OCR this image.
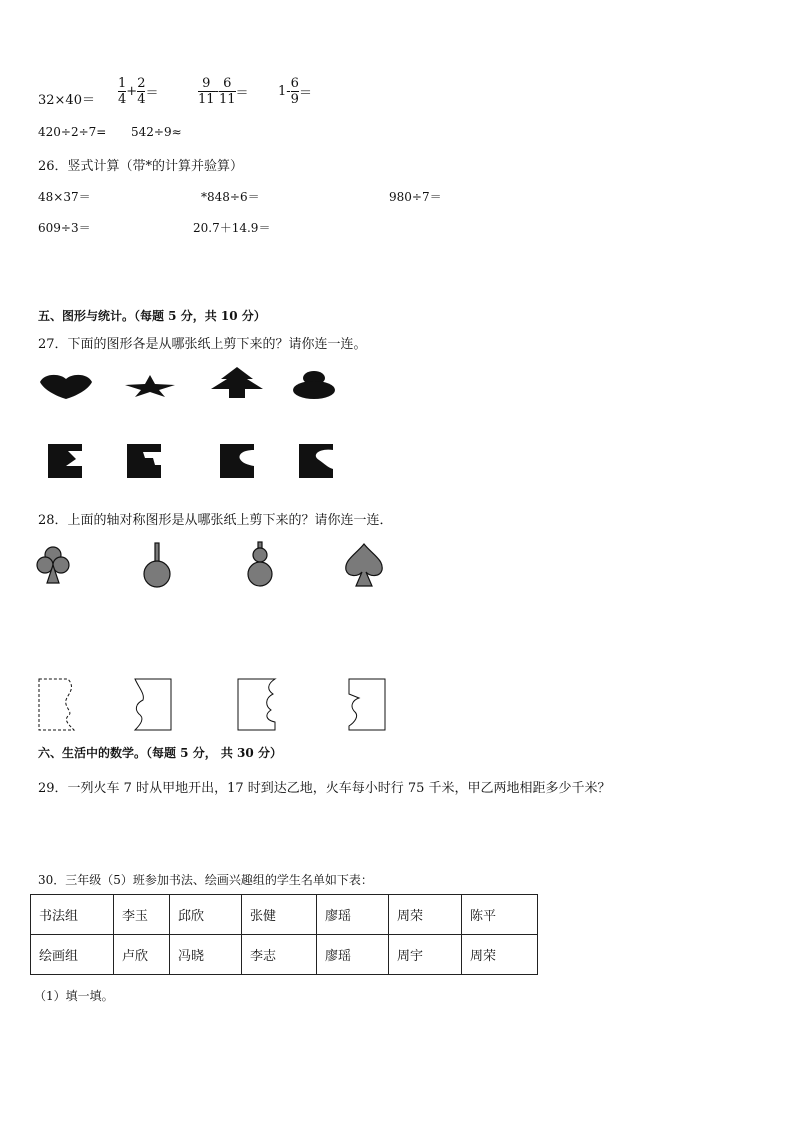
$32\times 40= \frac{1}{4} + \frac{2}{4}$ ＝	$\frac{9}{11} - \frac{6}{11} = 1- \frac{6}{9}$ ＝
420÷2÷7= 542÷9≈
26．竖式计算（带*的计算并验算）
48×37＝	*848÷6＝	980÷7＝
609÷3＝	20.7＋14.9＝
五、图形与统计。（每题 5 分，共 10 分）
27．下面的图形各是从哪张纸上剪下来的？请你连一连。
28．上面的轴对称图形是从哪张纸上剪下来的？请你连一连．
六、生活中的数学。（每题 5 分， 共 30 分）
29．一列火车 7 时从甲地开出，17 时到达乙地，火车每小时行 75 千米，甲乙两地相距多少千米？
30．三年级（5）班参加书法、绘画兴趣组的学生名单如下表：
书法组	李玉	邱欣	张健	廖瑶	周荣	陈平
绘画组	卢欣	冯晓	李志	廖瑶	周宇	周荣
（1）填一填。
